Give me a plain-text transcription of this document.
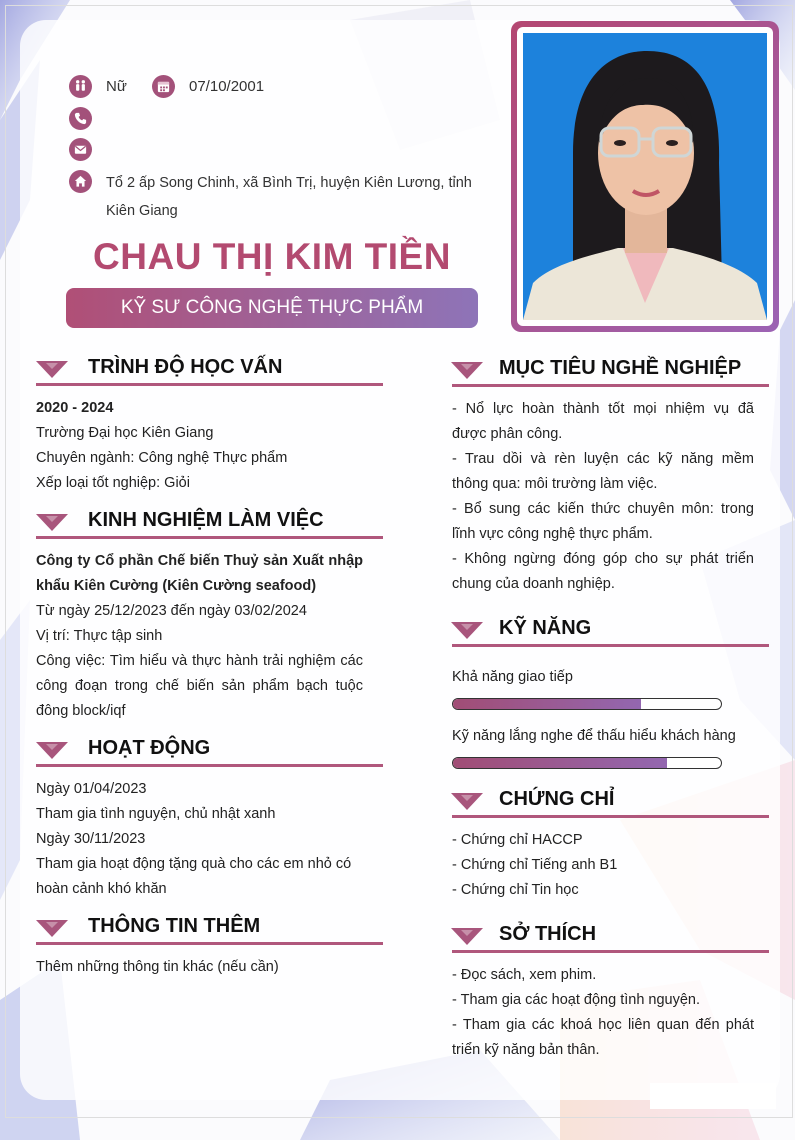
Nữ	07/10/2001
Tổ 2 ấp Song Chinh, xã Bình Trị, huyện Kiên Lương, tỉnh
Kiên Giang
CHAU THỊ KIM TIỀN
KỸ SƯ CÔNG NGHỆ THỰC PHẨM
TRÌNH ĐỘ HỌC VẤN

2020 - 2024

Trường Đại học Kiên Giang

Chuyên ngành: Công nghệ Thực phẩm

Xếp loại tốt nghiệp: Giỏi

KINH NGHIỆM LÀM VIỆC

Công ty Cổ phần Chế biến Thuỷ sản Xuất nhập

khẩu Kiên Cường (Kiên Cường seafood)

Từ ngày 25/12/2023 đến ngày 03/02/2024

Vị trí: Thực tập sinh

Công việc: Tìm hiểu và thực hành trải nghiệm các

công đoạn trong chế biến sản phẩm bạch tuộc

đông block/iqf

HOẠT ĐỘNG

Ngày 01/04/2023

Tham gia tình nguyện, chủ nhật xanh

Ngày 30/11/2023

Tham gia hoạt động tặng quà cho các em nhỏ có

hoàn cảnh khó khăn

THÔNG TIN THÊM

Thêm những thông tin khác (nếu cần)

MỤC TIÊU NGHỀ NGHIỆP

- Nổ lực hoàn thành tốt mọi nhiệm vụ đã

được phân công.

- Trau dồi và rèn luyện các kỹ năng mềm

thông qua: môi trường làm việc.

- Bổ sung các kiến thức chuyên môn: trong

lĩnh vực công nghệ thực phẩm.

- Không ngừng đóng góp cho sự phát triển

chung của doanh nghiệp.

KỸ NĂNG
Khả năng giao tiếp
Kỹ năng lắng nghe để thấu hiểu khách hàng
CHỨNG CHỈ

- Chứng chỉ HACCP

- Chứng chỉ Tiếng anh B1

- Chứng chỉ Tin học

SỞ THÍCH

- Đọc sách, xem phim.

- Tham gia các hoạt động tình nguyện.

- Tham gia các khoá học liên quan đến phát

triển kỹ năng bản thân.
